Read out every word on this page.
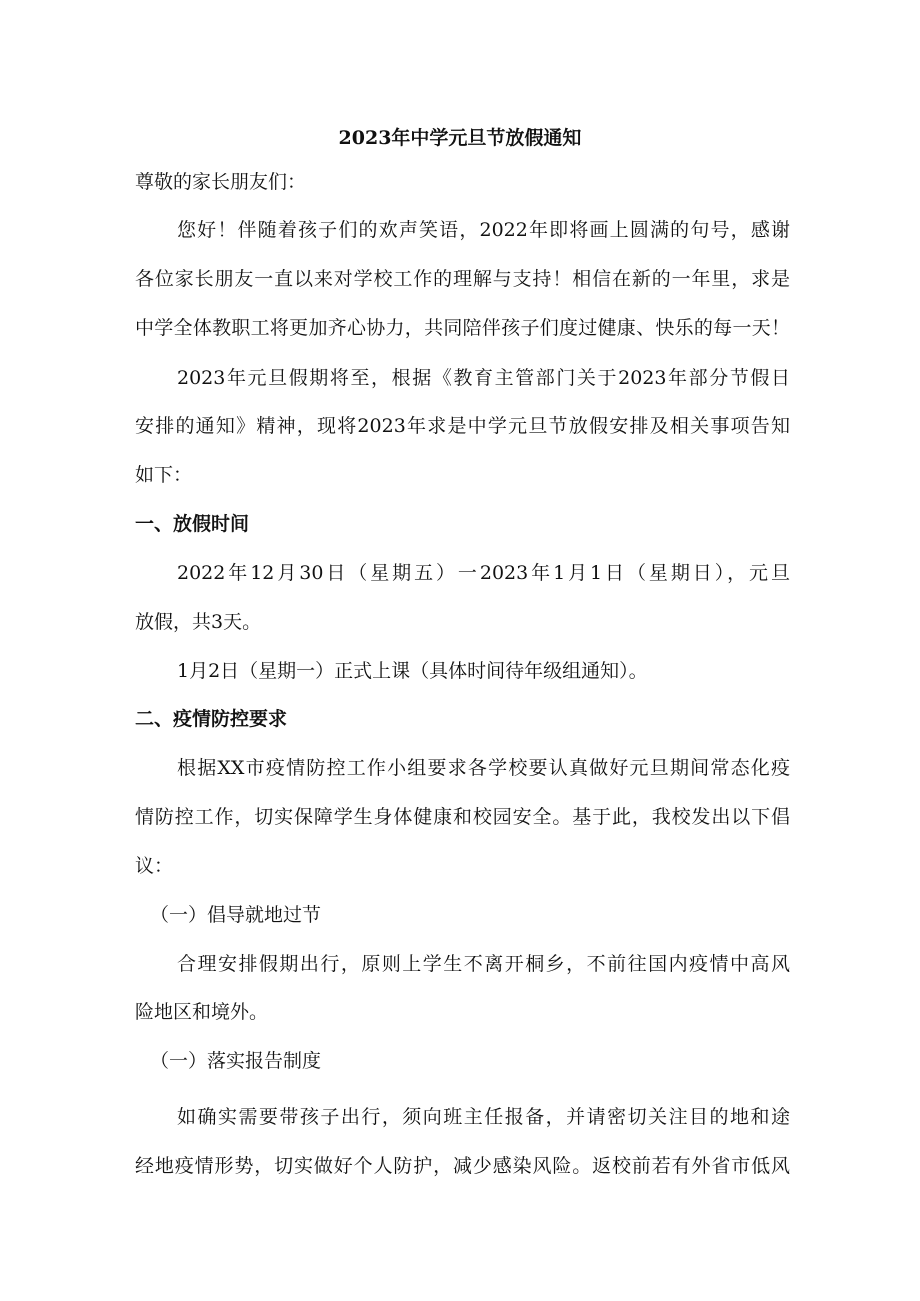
2023年中学元旦节放假通知
尊敬的家长朋友们：
您好！伴随着孩子们的欢声笑语，2022年即将画上圆满的句号，感谢
各位家长朋友一直以来对学校工作的理解与支持！相信在新的一年里，求是
中学全体教职工将更加齐心协力，共同陪伴孩子们度过健康、快乐的每一天！
2023年元旦假期将至，根据《教育主管部门关于2023年部分节假日
安排的通知》精神，现将2023年求是中学元旦节放假安排及相关事项告知
如下：
一、放假时间
2022年12月30日（星期五）一2023年1月1日（星期日），元旦
放假，共3天。
1月2日（星期一）正式上课（具体时间待年级组通知）。
二、疫情防控要求
根据XX市疫情防控工作小组要求各学校要认真做好元旦期间常态化疫
情防控工作，切实保障学生身体健康和校园安全。基于此，我校发出以下倡
议：
（一）倡导就地过节
合理安排假期出行，原则上学生不离开桐乡，不前往国内疫情中高风
险地区和境外。
（一）落实报告制度
如确实需要带孩子出行，须向班主任报备，并请密切关注目的地和途
经地疫情形势，切实做好个人防护，减少感染风险。返校前若有外省市低风
